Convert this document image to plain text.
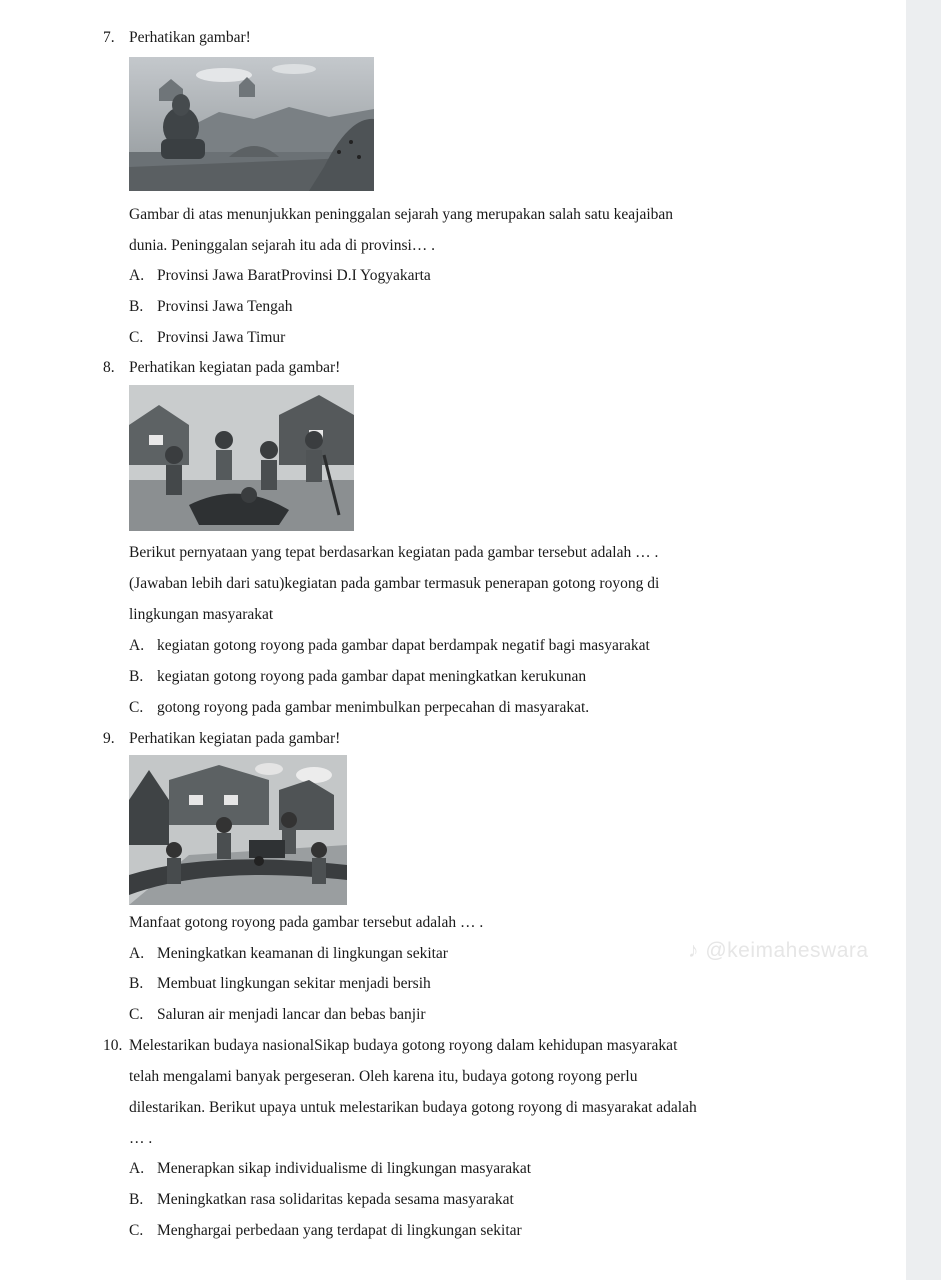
7. Perhatikan gambar!
Gambar di atas menunjukkan peninggalan sejarah yang merupakan salah satu keajaiban
dunia. Peninggalan sejarah itu ada di provinsi… .
A. Provinsi Jawa BaratProvinsi D.I Yogyakarta
B. Provinsi Jawa Tengah
C. Provinsi Jawa Timur
8. Perhatikan kegiatan pada gambar!
Berikut pernyataan yang tepat berdasarkan kegiatan pada gambar tersebut adalah … .
(Jawaban lebih dari satu)kegiatan pada gambar termasuk penerapan gotong royong di
lingkungan masyarakat
A. kegiatan gotong royong pada gambar dapat berdampak negatif bagi masyarakat
B. kegiatan gotong royong pada gambar dapat meningkatkan kerukunan
C. gotong royong pada gambar menimbulkan perpecahan di masyarakat.
9. Perhatikan kegiatan pada gambar!
Manfaat gotong royong pada gambar tersebut adalah … .
A. Meningkatkan keamanan di lingkungan sekitar
B. Membuat lingkungan sekitar menjadi bersih
C. Saluran air menjadi lancar dan bebas banjir
10. Melestarikan budaya nasionalSikap budaya gotong royong dalam kehidupan masyarakat
telah mengalami banyak pergeseran. Oleh karena itu, budaya gotong royong perlu
dilestarikan. Berikut upaya untuk melestarikan budaya gotong royong di masyarakat adalah
… .
A. Menerapkan sikap individualisme di lingkungan masyarakat
B. Meningkatkan rasa solidaritas kepada sesama masyarakat
C. Menghargai perbedaan yang terdapat di lingkungan sekitar
♪ @keimaheswara
